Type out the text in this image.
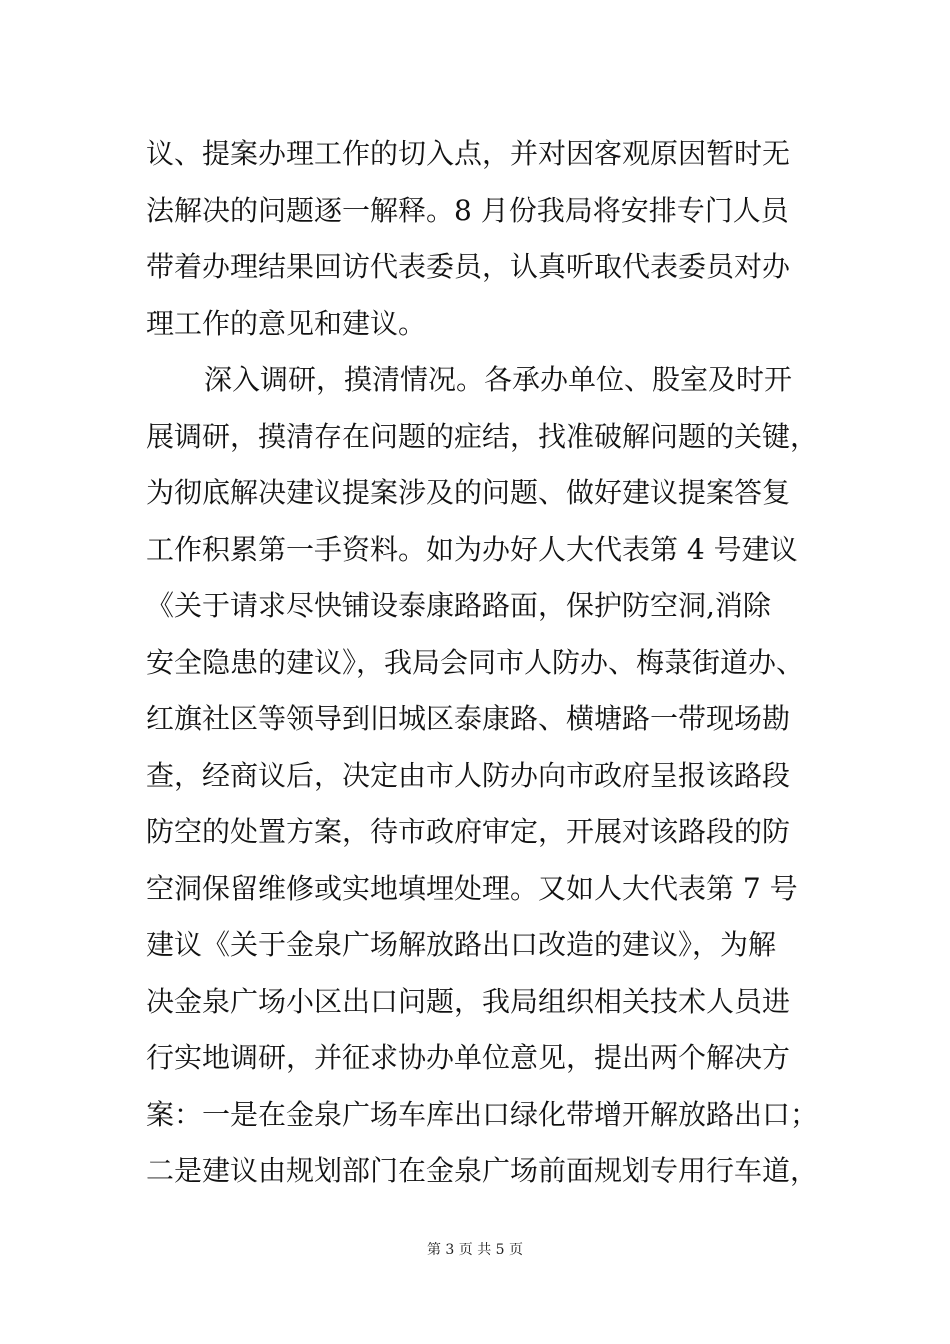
议、提案办理工作的切入点，并对因客观原因暂时无
法解决的问题逐一解释。8 月份我局将安排专门人员
带着办理结果回访代表委员，认真听取代表委员对办
理工作的意见和建议。
深入调研，摸清情况。各承办单位、股室及时开
展调研，摸清存在问题的症结，找准破解问题的关键，
为彻底解决建议提案涉及的问题、做好建议提案答复
工作积累第一手资料。如为办好人大代表第 4 号建议
《关于请求尽快铺设泰康路路面，保护防空洞,消除
安全隐患的建议》，我局会同市人防办、梅菉街道办、
红旗社区等领导到旧城区泰康路、横塘路一带现场勘
查，经商议后，决定由市人防办向市政府呈报该路段
防空的处置方案，待市政府审定，开展对该路段的防
空洞保留维修或实地填埋处理。又如人大代表第 7 号
建议《关于金泉广场解放路出口改造的建议》，为解
决金泉广场小区出口问题，我局组织相关技术人员进
行实地调研，并征求协办单位意见，提出两个解决方
案：一是在金泉广场车库出口绿化带增开解放路出口；
二是建议由规划部门在金泉广场前面规划专用行车道，
第 3 页 共 5 页
